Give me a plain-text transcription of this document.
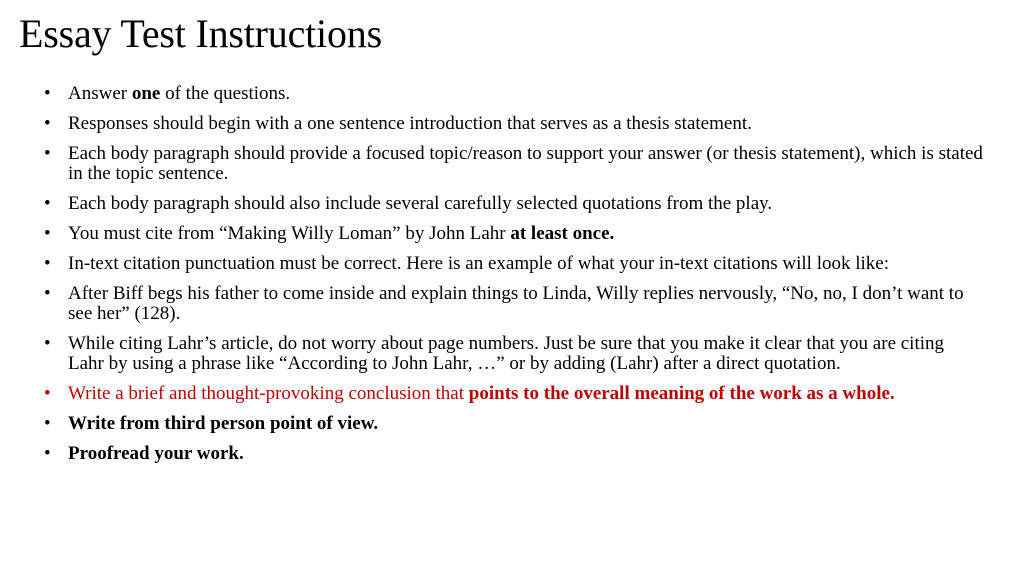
Essay Test Instructions
• Answer one of the questions.
• Responses should begin with a one sentence introduction that serves as a thesis statement.
• Each body paragraph should provide a focused topic/reason to support your answer (or thesis statement), which is stated in the topic sentence.
• Each body paragraph should also include several carefully selected quotations from the play.
• You must cite from “Making Willy Loman” by John Lahr at least once.
• In-text citation punctuation must be correct. Here is an example of what your in-text citations will look like:
• After Biff begs his father to come inside and explain things to Linda, Willy replies nervously, “No, no, I don’t want to see her” (128).
• While citing Lahr’s article, do not worry about page numbers. Just be sure that you make it clear that you are citing Lahr by using a phrase like “According to John Lahr, …” or by adding (Lahr) after a direct quotation.
• Write a brief and thought-provoking conclusion that points to the overall meaning of the work as a whole.
• Write from third person point of view.
• Proofread your work.
